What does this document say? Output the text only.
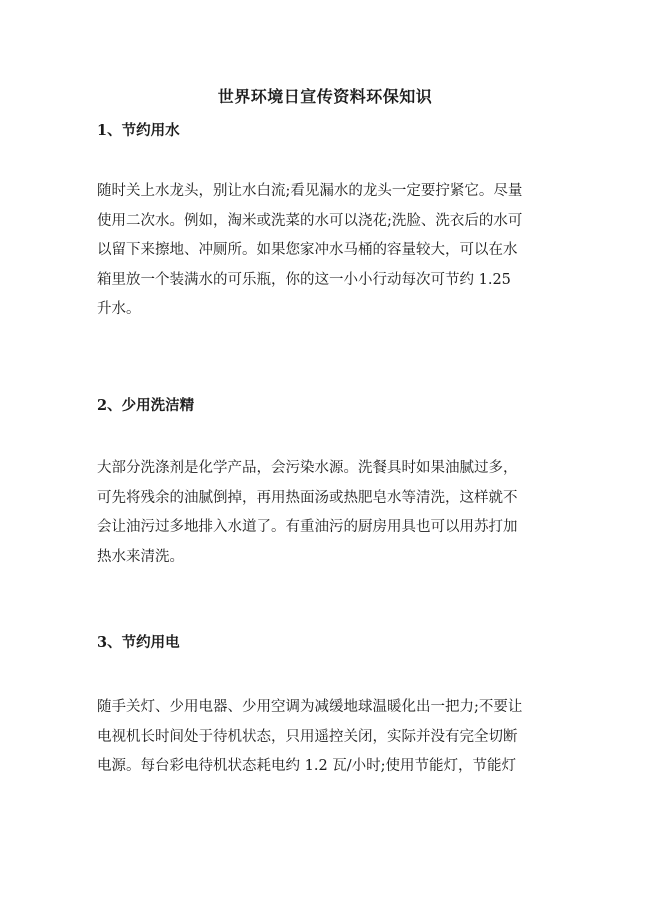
世界环境日宣传资料环保知识
1、节约用水
随时关上水龙头，别让水白流;看见漏水的龙头一定要拧紧它。尽量
使用二次水。例如，淘米或洗菜的水可以浇花;洗脸、洗衣后的水可
以留下来擦地、冲厕所。如果您家冲水马桶的容量较大，可以在水
箱里放一个装满水的可乐瓶，你的这一小小行动每次可节约 1.25
升水。
2、少用洗洁精
大部分洗涤剂是化学产品，会污染水源。洗餐具时如果油腻过多，
可先将残余的油腻倒掉，再用热面汤或热肥皂水等清洗，这样就不
会让油污过多地排入水道了。有重油污的厨房用具也可以用苏打加
热水来清洗。
3、节约用电
随手关灯、少用电器、少用空调为减缓地球温暖化出一把力;不要让
电视机长时间处于待机状态，只用遥控关闭，实际并没有完全切断
电源。每台彩电待机状态耗电约 1.2 瓦/小时;使用节能灯，节能灯
